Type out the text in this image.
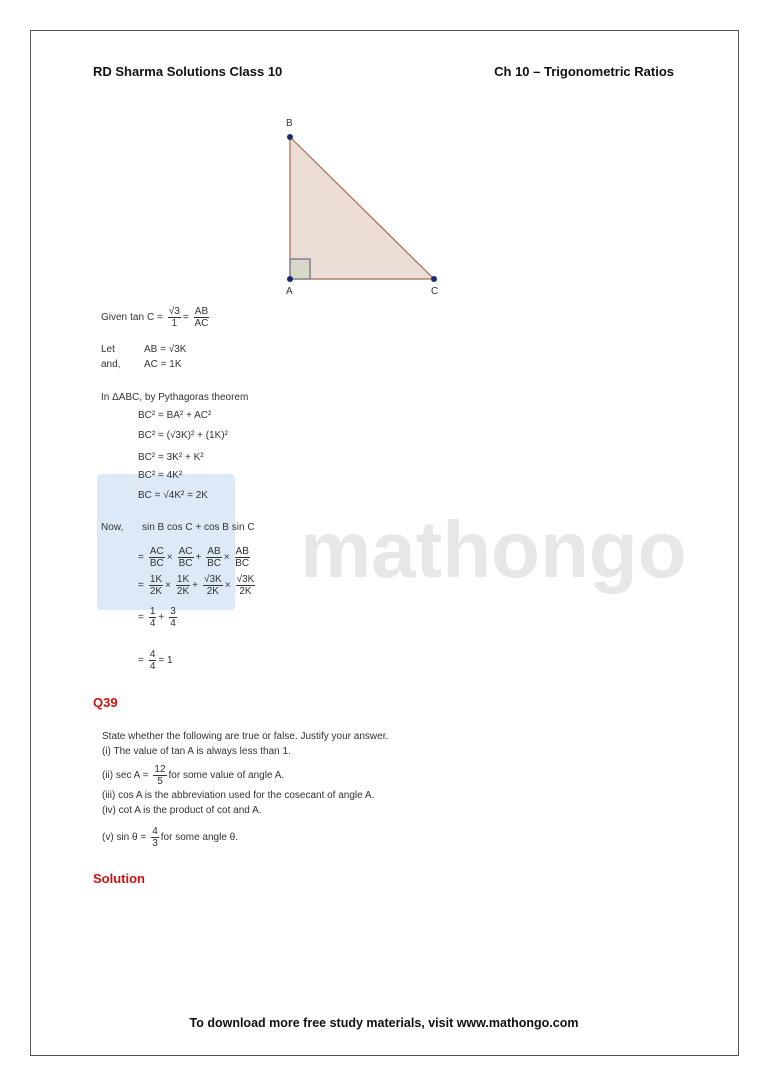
RD Sharma Solutions Class 10	Ch 10 – Trigonometric Ratios
mathongo
B
A	C
Given $\tan C = \frac{√3}{1} = \frac{AB}{AC}$
Let	AB = √3K
and,	AC = 1K
In ΔABC, by Pythagoras theorem
BC² = BA² + AC²
BC² = (√3K)² + (1K)²
BC² = 3K² + K²
BC² = 4K²
BC = √4K² = 2K
Now,	sin B cos C + cos B sin C
= $\frac{AC}{BC} \times \frac{AC}{BC} + \frac{AB}{BC} \times \frac{AB}{BC}$
= $\frac{1K}{2K} \times \frac{1K}{2K} + \frac{√3K}{2K} \times \frac{√3K}{2K}$
= $\frac{1}{4} + \frac{3}{4}$
= $\frac{4}{4} = 1$
Q39
State whether the following are true or false. Justify your answer.
(i) The value of tan A is always less than 1.
(ii) $\sec A = \frac{12}{5}$ for some value of angle A.
(iii) cos A is the abbreviation used for the cosecant of angle A.
(iv) cot A is the product of cot and A.
(v) $\sin \theta = \frac{4}{3}$ for some angle θ.
Solution
To download more free study materials, visit www.mathongo.com
